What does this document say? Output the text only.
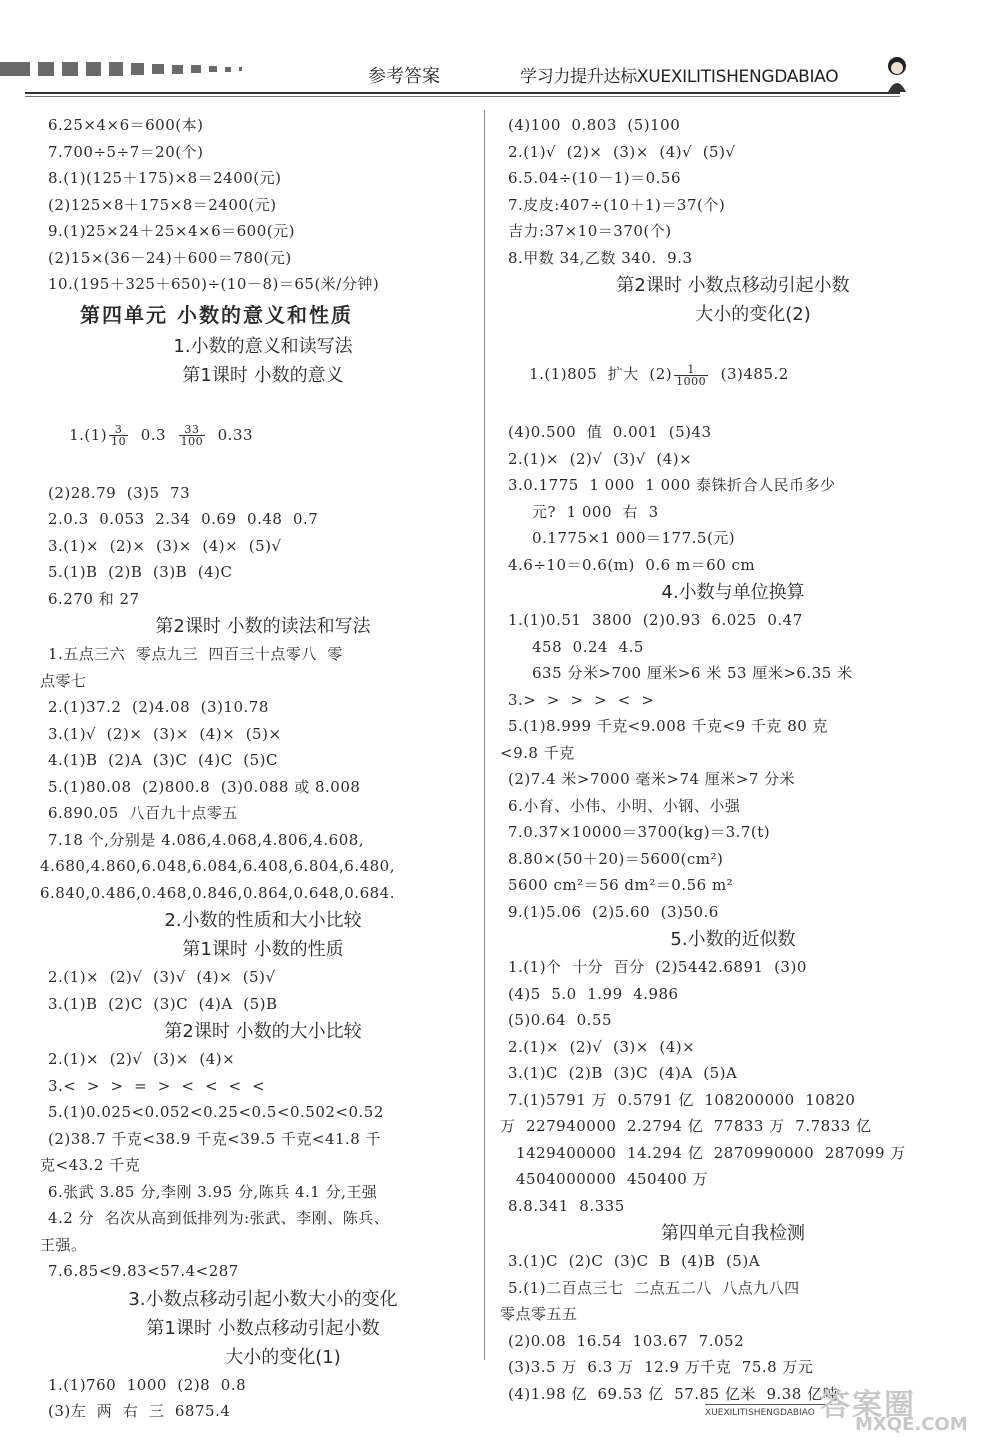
参考答案	学习力提升达标XUEXILITISHENGDABIAO
6.25×4×6＝600(本)
7.700÷5÷7＝20(个)
8.(1)(125＋175)×8＝2400(元)
(2)125×8＋175×8＝2400(元)
9.(1)25×24＋25×4×6＝600(元)
(2)15×(36－24)＋600＝780(元)
10.(195＋325＋650)÷(10－8)＝65(米/分钟)
第四单元 小数的意义和性质
1.小数的意义和读写法
第1课时 小数的意义

$1.(1) \frac{3}{10} 0.3 \frac{33}{100} 0.33$

(2)28.79  (3)5  73
2.0.3  0.053  2.34  0.69  0.48  0.7
3.(1)×  (2)×  (3)×  (4)×  (5)√
5.(1)B  (2)B  (3)B  (4)C
6.270 和 27
第2课时 小数的读法和写法
1.五点三六  零点九三  四百三十点零八  零
点零七
2.(1)37.2  (2)4.08  (3)10.78
3.(1)√  (2)×  (3)×  (4)×  (5)×
4.(1)B  (2)A  (3)C  (4)C  (5)C
5.(1)80.08  (2)800.8  (3)0.088 或 8.008
6.890.05  八百九十点零五
7.18 个,分别是 4.086,4.068,4.806,4.608,
4.680,4.860,6.048,6.084,6.408,6.804,6.480,
6.840,0.486,0.468,0.846,0.864,0.648,0.684.
2.小数的性质和大小比较
第1课时 小数的性质
2.(1)×  (2)√  (3)√  (4)×  (5)√
3.(1)B  (2)C  (3)C  (4)A  (5)B
第2课时 小数的大小比较
2.(1)×  (2)√  (3)×  (4)×
3.<  >  >  =  >  <  <  <  <
5.(1)0.025<0.052<0.25<0.5<0.502<0.52
(2)38.7 千克<38.9 千克<39.5 千克<41.8 千
克<43.2 千克
6.张武 3.85 分,李刚 3.95 分,陈兵 4.1 分,王强
4.2 分  名次从高到低排列为:张武、李刚、陈兵、
王强。
7.6.85<9.83<57.4<287
3.小数点移动引起小数大小的变化
第1课时 小数点移动引起小数
大小的变化(1)
1.(1)760  1000  (2)8  0.8
(3)左  两  右  三  6875.4
(4)100  0.803  (5)100
2.(1)√  (2)×  (3)×  (4)√  (5)√
6.5.04÷(10－1)＝0.56
7.皮皮:407÷(10＋1)＝37(个)
吉力:37×10＝370(个)
8.甲数 34,乙数 340.  9.3
第2课时 小数点移动引起小数
大小的变化(2)

1.(1)805  扩大  $(2) \frac{1}{1000} (3)485.2$

(4)0.500  值  0.001  (5)43
2.(1)×  (2)√  (3)√  (4)×
3.0.1775  1 000  1 000 泰铢折合人民币多少
元?  1 000  右  3
0.1775×1 000＝177.5(元)
4.6÷10＝0.6(m)  0.6 m＝60 cm
4.小数与单位换算
1.(1)0.51  3800  (2)0.93  6.025  0.47
458  0.24  4.5
635 分米>700 厘米>6 米 53 厘米>6.35 米
3.>  >  >  >  <  >
5.(1)8.999 千克<9.008 千克<9 千克 80 克
<9.8 千克
(2)7.4 米>7000 毫米>74 厘米>7 分米
6.小育、小伟、小明、小钢、小强
7.0.37×10000＝3700(kg)＝3.7(t)
8.80×(50＋20)＝5600(cm²)
5600 cm²＝56 dm²＝0.56 m²
9.(1)5.06  (2)5.60  (3)50.6
5.小数的近似数
1.(1)个  十分  百分  (2)5442.6891  (3)0
(4)5  5.0  1.99  4.986
(5)0.64  0.55
2.(1)×  (2)√  (3)×  (4)×
3.(1)C  (2)B  (3)C  (4)A  (5)A
7.(1)5791 万  0.5791 亿  108200000  10820
万  227940000  2.2794 亿  77833 万  7.7833 亿
1429400000  14.294 亿  2870990000  287099 万
4504000000  450400 万
8.8.341  8.335
第四单元自我检测
3.(1)C  (2)C  (3)C  B  (4)B  (5)A
5.(1)二百点三七  二点五二八  八点九八四
零点零五五
(2)0.08  16.54  103.67  7.052
(3)3.5 万  6.3 万  12.9 万千克  75.8 万元
(4)1.98 亿  69.53 亿  57.85 亿米  9.38 亿吨
XUEXILITISHENGDABIAO 答案圈
MXQE.COM
